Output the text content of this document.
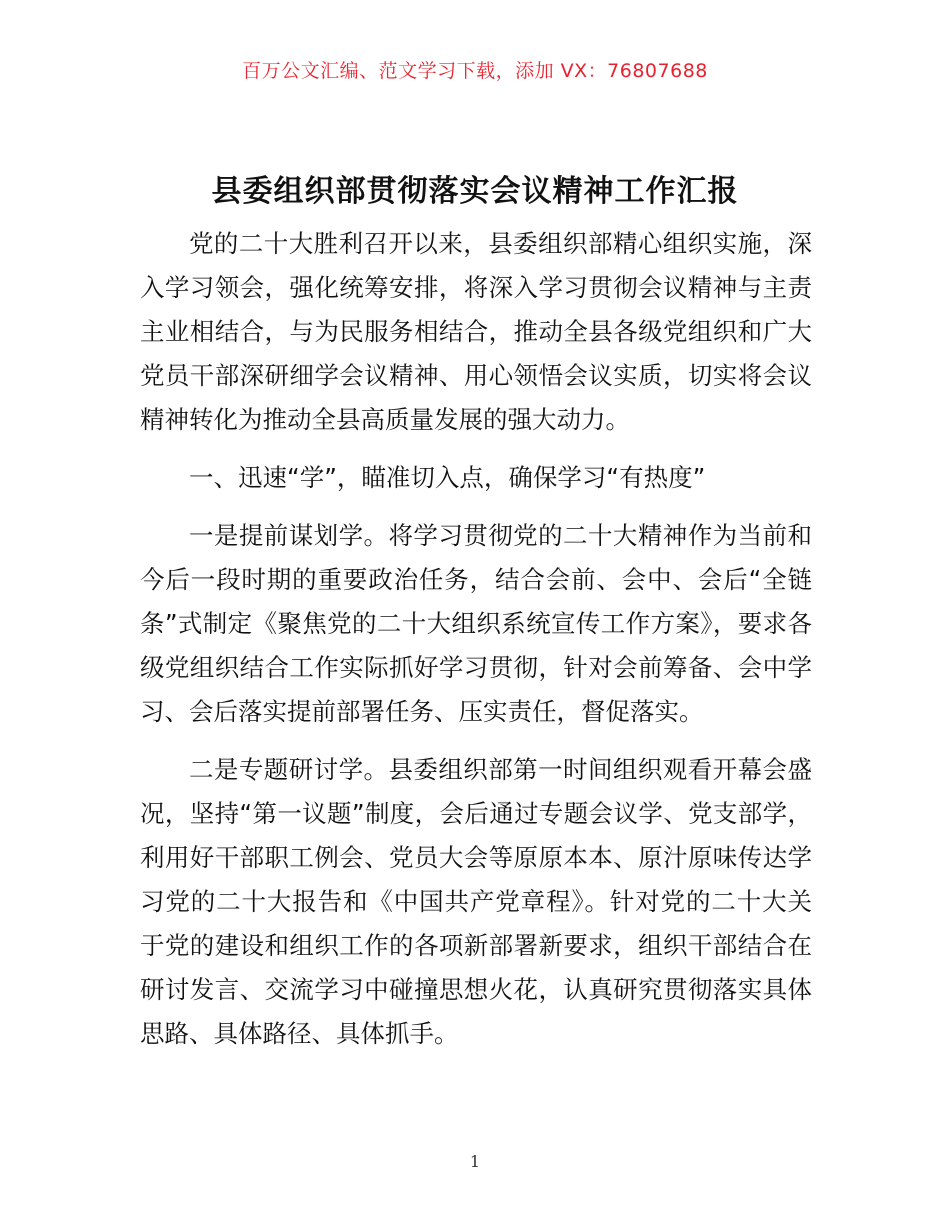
百万公文汇编、范文学习下载，添加 VX：76807688
县委组织部贯彻落实会议精神工作汇报

党的二十大胜利召开以来，县委组织部精心组织实施，深入学习领会，强化统筹安排，将深入学习贯彻会议精神与主责主业相结合，与为民服务相结合，推动全县各级党组织和广大党员干部深研细学会议精神、用心领悟会议实质，切实将会议精神转化为推动全县高质量发展的强大动力。

一、迅速“学”，瞄准切入点，确保学习“有热度”

一是提前谋划学。将学习贯彻党的二十大精神作为当前和今后一段时期的重要政治任务，结合会前、会中、会后“全链条”式制定《聚焦党的二十大组织系统宣传工作方案》，要求各级党组织结合工作实际抓好学习贯彻，针对会前筹备、会中学习、会后落实提前部署任务、压实责任，督促落实。

二是专题研讨学。县委组织部第一时间组织观看开幕会盛况，坚持“第一议题”制度，会后通过专题会议学、党支部学，利用好干部职工例会、党员大会等原原本本、原汁原味传达学习党的二十大报告和《中国共产党章程》。针对党的二十大关于党的建设和组织工作的各项新部署新要求，组织干部结合在研讨发言、交流学习中碰撞思想火花，认真研究贯彻落实具体思路、具体路径、具体抓手。

1
